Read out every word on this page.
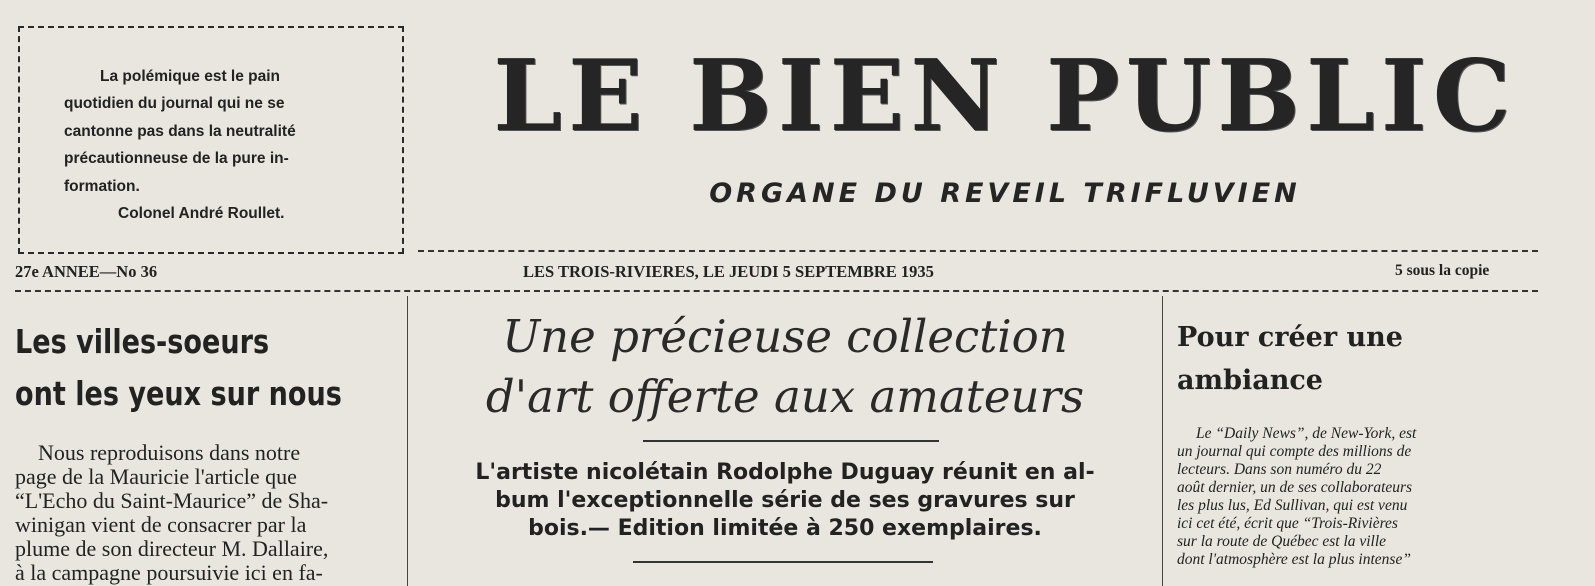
La polémique est le pain
quotidien du journal qui ne se
cantonne pas dans la neutralité
précautionneuse de la pure in-
formation.
Colonel André Roullet.
LE BIEN PUBLIC
ORGANE DU REVEIL TRIFLUVIEN
27e ANNEE—No 36	LES TROIS-RIVIERES, LE JEUDI 5 SEPTEMBRE 1935	5 sous la copie
Les villes-soeurs
ont les yeux sur nous
Nous reproduisons dans notre
page de la Mauricie l'article que
“L'Echo du Saint-Maurice” de Sha-
winigan vient de consacrer par la
plume de son directeur M. Dallaire,
à la campagne poursuivie ici en fa-
Une précieuse collection
d'art offerte aux amateurs
L'artiste nicolétain Rodolphe Duguay réunit en al-
bum l'exceptionnelle série de ses gravures sur
bois.— Edition limitée à 250 exemplaires.
Pour créer une
ambiance
Le “Daily News”, de New-York, est
un journal qui compte des millions de
lecteurs. Dans son numéro du 22
août dernier, un de ses collaborateurs
les plus lus, Ed Sullivan, qui est venu
ici cet été, écrit que “Trois-Rivières
sur la route de Québec est la ville
dont l'atmosphère est la plus intense”
